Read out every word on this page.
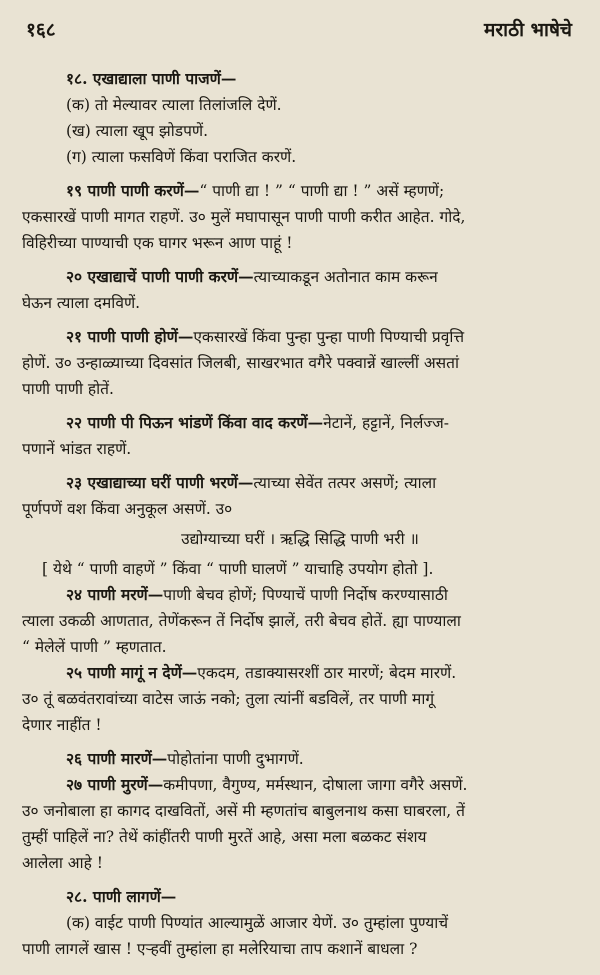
१६८	मराठी भाषेचे

१८. एखाद्याला पाणी पाजणें—

(क) तो मेल्यावर त्याला तिलांजलि देणें.

(ख) त्याला खूप झोडपणें.

(ग) त्याला फसविणें किंवा पराजित करणें.

१९ पाणी पाणी करणें—“ पाणी द्या ! ” “ पाणी द्या ! ” असें म्हणणें;

एकसारखें पाणी मागत राहणें. उ० मुलें मघापासून पाणी पाणी करीत आहेत. गोदे,

विहिरीच्या पाण्याची एक घागर भरून आण पाहूं !

२० एखाद्याचें पाणी पाणी करणें—त्याच्याकडून अतोनात काम करून

घेऊन त्याला दमविणें.

२१ पाणी पाणी होणें—एकसारखें किंवा पुन्हा पुन्हा पाणी पिण्याची प्रवृत्ति

होणें. उ० उन्हाळ्याच्या दिवसांत जिलबी, साखरभात वगैरे पक्वान्नें खाल्लीं असतां

पाणी पाणी होतें.

२२ पाणी पी पिऊन भांडणें किंवा वाद करणें—नेटानें, हट्टानें, निर्लज्ज-

पणानें भांडत राहणें.

२३ एखाद्याच्या घरीं पाणी भरणें—त्याच्या सेवेंत तत्पर असणें; त्याला

पूर्णपणें वश किंवा अनुकूल असणें. उ०

उद्योग्याच्या घरीं । ऋद्धि सिद्धि पाणी भरी ॥

[ येथे “ पाणी वाहणें ” किंवा “ पाणी घालणें ” याचाहि उपयोग होतो ].

२४ पाणी मरणें—पाणी बेचव होणें; पिण्याचें पाणी निर्दोष करण्यासाठी

त्याला उकळी आणतात, तेणेंकरून तें निर्दोष झालें, तरी बेचव होतें. ह्या पाण्याला

“ मेलेलें पाणी ” म्हणतात.

२५ पाणी मागूं न देणें—एकदम, तडाक्यासरशीं ठार मारणें; बेदम मारणें.

उ० तूं बळवंतरावांच्या वाटेस जाऊं नको; तुला त्यांनीं बडविलें, तर पाणी मागूं

देणार नाहींत !

२६ पाणी मारणें—पोहोतांना पाणी दुभागणें.

२७ पाणी मुरणें—कमीपणा, वैगुण्य, मर्मस्थान, दोषाला जागा वगैरे असणें.

उ० जनोबाला हा कागद दाखवितों, असें मी म्हणतांच बाबुलनाथ कसा घाबरला, तें

तुम्हीं पाहिलें ना? तेथें कांहींतरी पाणी मुरतें आहे, असा मला बळकट संशय

आलेला आहे !

२८. पाणी लागणें—

(क) वाईट पाणी पिण्यांत आल्यामुळें आजार येणें. उ० तुम्हांला पुण्याचें

पाणी लागलें खास ! एऱ्हवीं तुम्हांला हा मलेरियाचा ताप कशानें बाधला ?
